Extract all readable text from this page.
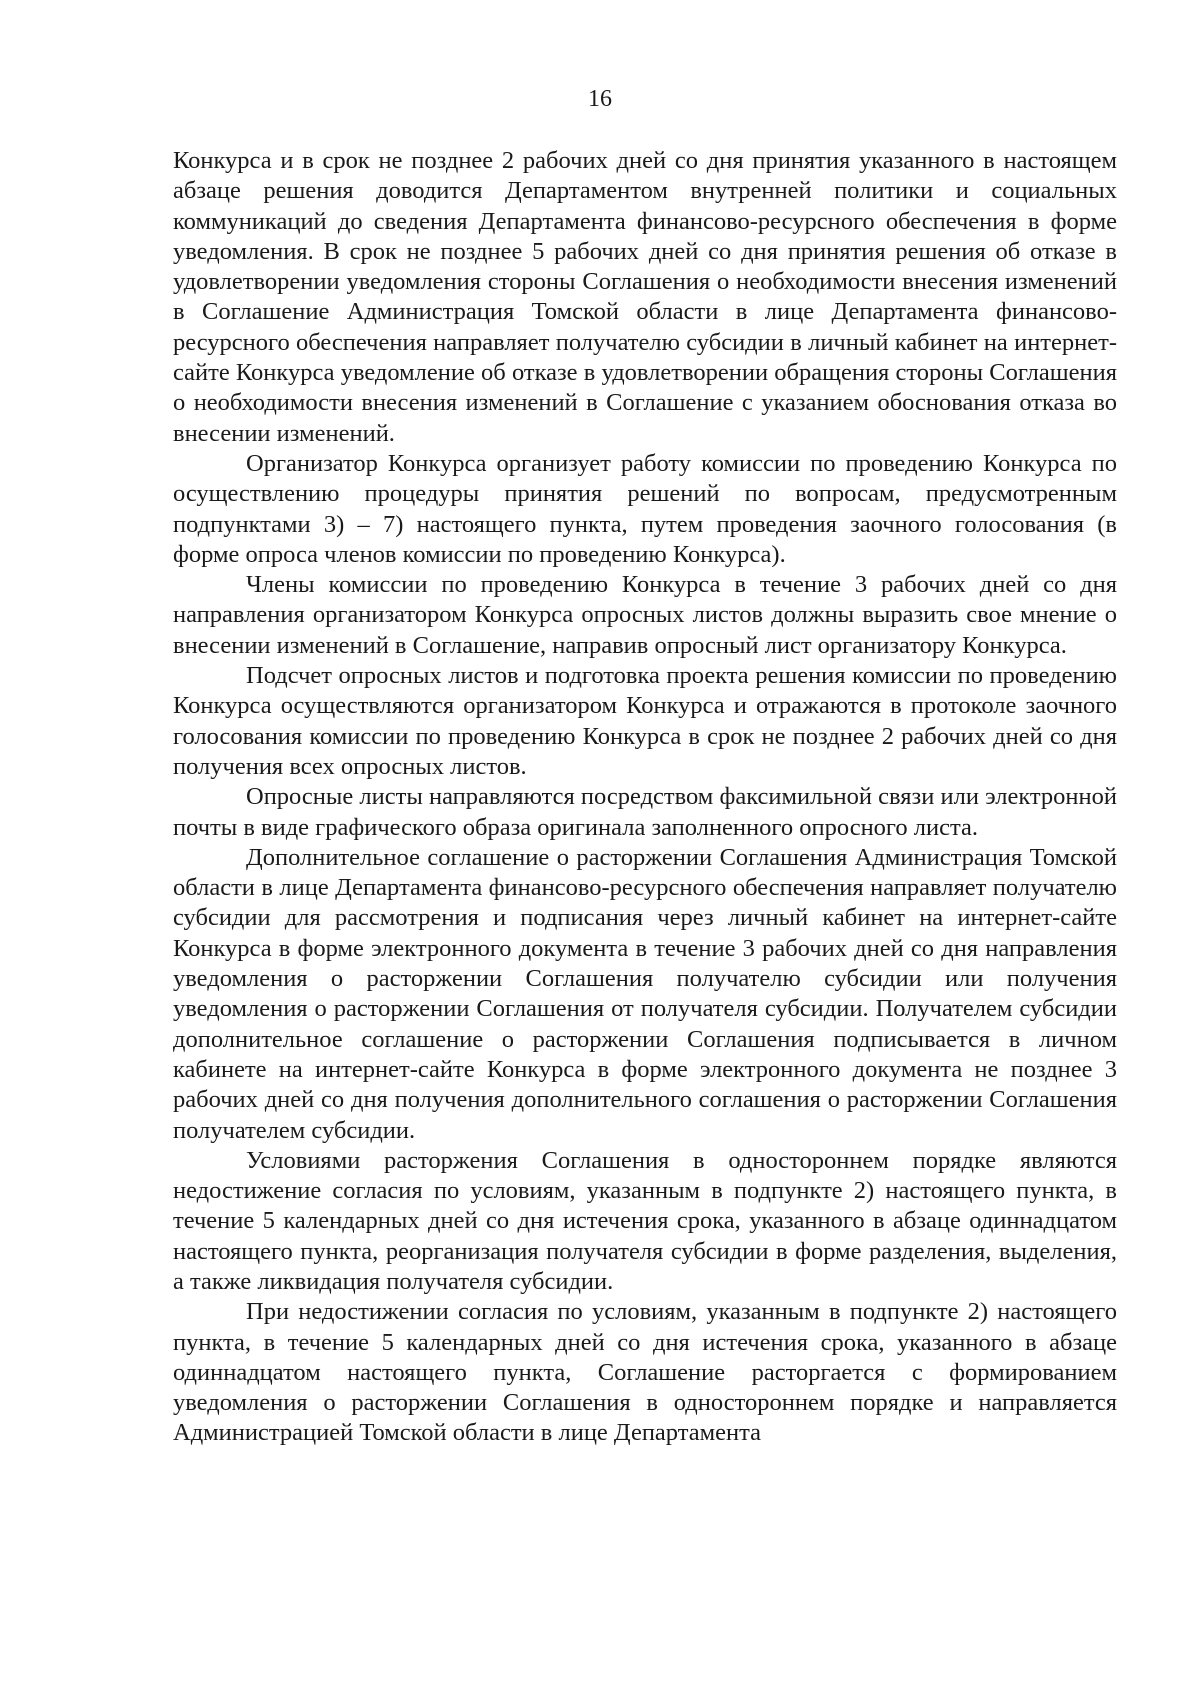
16

Конкурса и в срок не позднее 2 рабочих дней со дня принятия указанного в настоящем абзаце решения доводится Департаментом внутренней политики и социальных коммуникаций до сведения Департамента финансово-ресурсного обеспечения в форме уведомления. В срок не позднее 5 рабочих дней со дня принятия решения об отказе в удовлетворении уведомления стороны Соглашения о необходимости внесения изменений в Соглашение Администрация Томской области в лице Департамента финансово-ресурсного обеспечения направляет получателю субсидии в личный кабинет на интернет-сайте Конкурса уведомление об отказе в удовлетворении обращения стороны Соглашения о необходимости внесения изменений в Соглашение с указанием обоснования отказа во внесении изменений.

Организатор Конкурса организует работу комиссии по проведению Конкурса по осуществлению процедуры принятия решений по вопросам, предусмотренным подпунктами 3) – 7) настоящего пункта, путем проведения заочного голосования (в форме опроса членов комиссии по проведению Конкурса).

Члены комиссии по проведению Конкурса в течение 3 рабочих дней со дня направления организатором Конкурса опросных листов должны выразить свое мнение о внесении изменений в Соглашение, направив опросный лист организатору Конкурса.

Подсчет опросных листов и подготовка проекта решения комиссии по проведению Конкурса осуществляются организатором Конкурса и отражаются в протоколе заочного голосования комиссии по проведению Конкурса в срок не позднее 2 рабочих дней со дня получения всех опросных листов.

Опросные листы направляются посредством факсимильной связи или электронной почты в виде графического образа оригинала заполненного опросного листа.

Дополнительное соглашение о расторжении Соглашения Администрация Томской области в лице Департамента финансово-ресурсного обеспечения направляет получателю субсидии для рассмотрения и подписания через личный кабинет на интернет-сайте Конкурса в форме электронного документа в течение 3 рабочих дней со дня направления уведомления о расторжении Соглашения получателю субсидии или получения уведомления о расторжении Соглашения от получателя субсидии. Получателем субсидии дополнительное соглашение о расторжении Соглашения подписывается в личном кабинете на интернет-сайте Конкурса в форме электронного документа не позднее 3 рабочих дней со дня получения дополнительного соглашения о расторжении Соглашения получателем субсидии.

Условиями расторжения Соглашения в одностороннем порядке являются недостижение согласия по условиям, указанным в подпункте 2) настоящего пункта, в течение 5 календарных дней со дня истечения срока, указанного в абзаце одиннадцатом настоящего пункта, реорганизация получателя субсидии в форме разделения, выделения, а также ликвидация получателя субсидии.

При недостижении согласия по условиям, указанным в подпункте 2) настоящего пункта, в течение 5 календарных дней со дня истечения срока, указанного в абзаце одиннадцатом настоящего пункта, Соглашение расторгается с формированием уведомления о расторжении Соглашения в одностороннем порядке и направляется Администрацией Томской области в лице Департамента
